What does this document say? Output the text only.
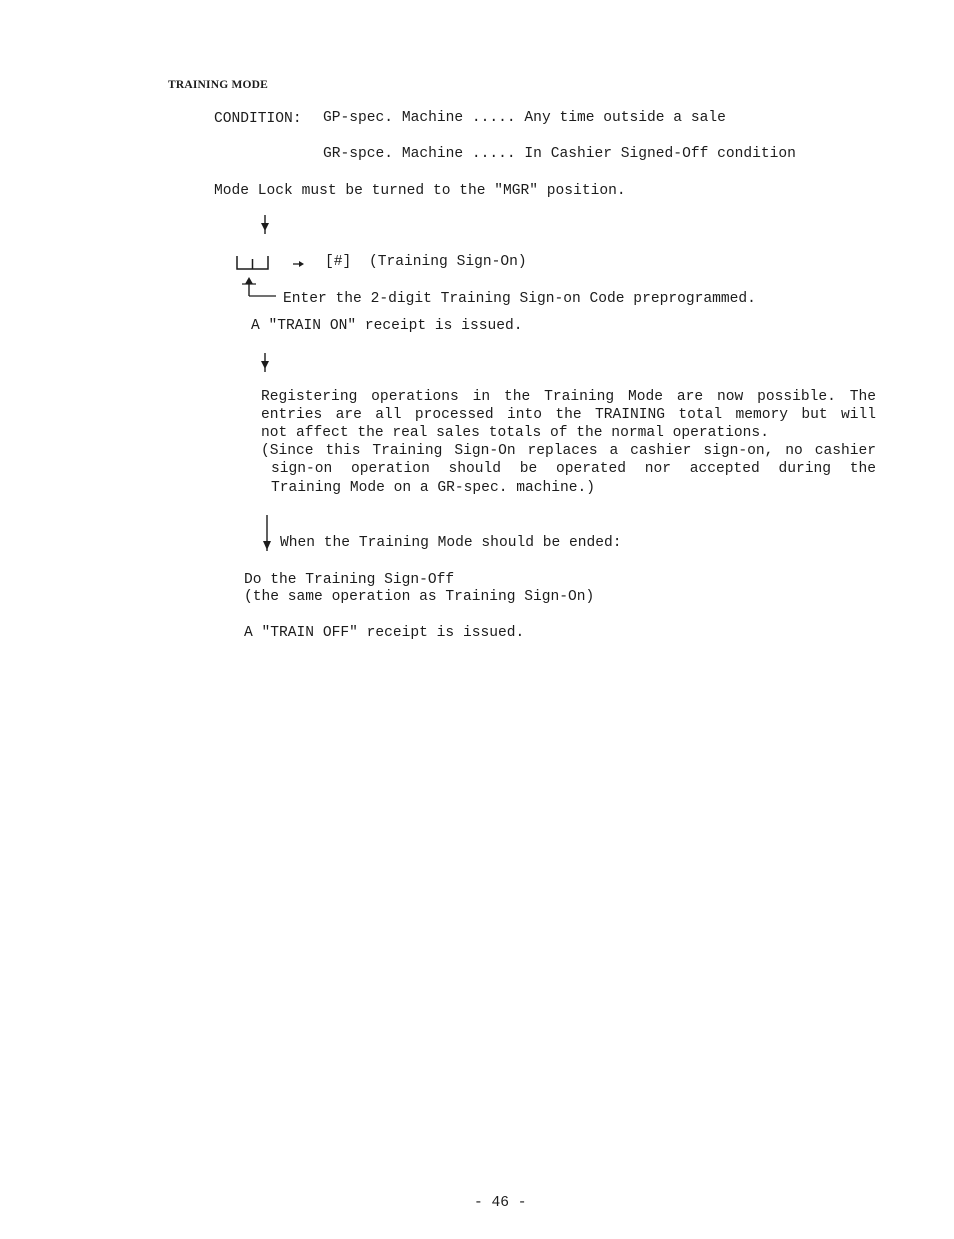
TRAINING MODE
CONDITION: GP-spec. Machine ..... Any time outside a sale
GR-spce. Machine ..... In Cashier Signed-Off condition
Mode Lock must be turned to the "MGR" position.
[#] (Training Sign-On)
Enter the 2-digit Training Sign-on Code preprogrammed.
A "TRAIN ON" receipt is issued.
Registering operations in the Training Mode are now possible. The
entries are all processed into the TRAINING total memory but will
not affect the real sales totals of the normal operations.
(Since this Training Sign-On replaces a cashier sign-on, no cashier
sign-on operation should be operated nor accepted during the
Training Mode on a GR-spec. machine.)
When the Training Mode should be ended:
Do the Training Sign-Off
(the same operation as Training Sign-On)
A "TRAIN OFF" receipt is issued.
- 46 -
